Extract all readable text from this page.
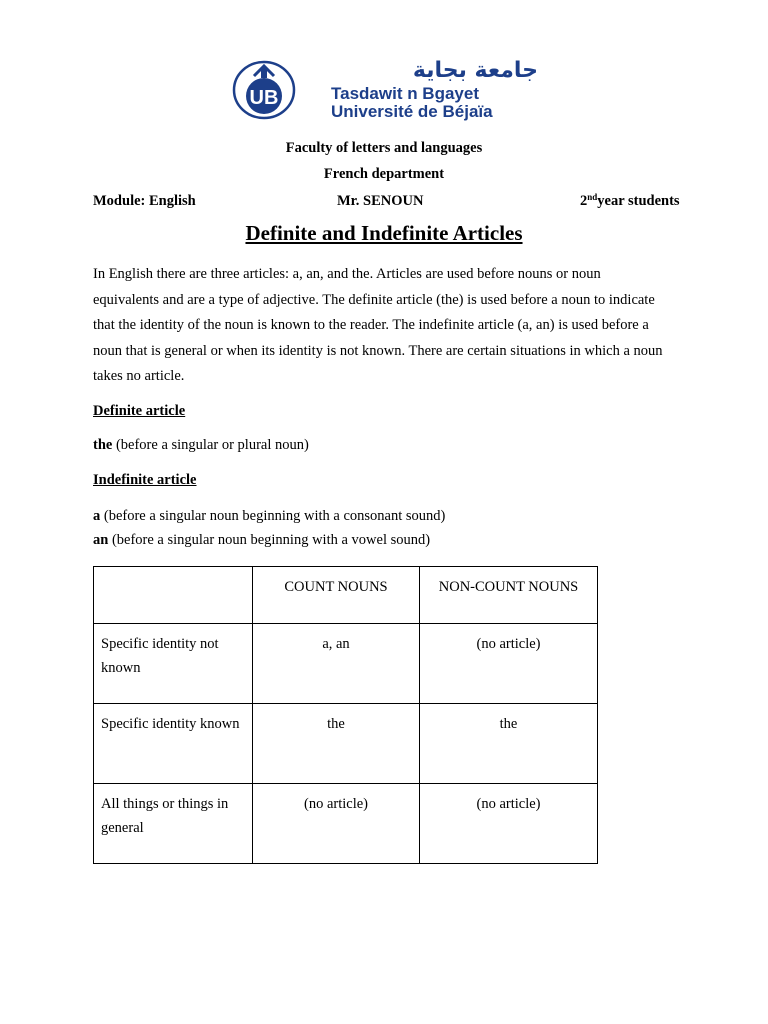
UB
جامعة بجاية
Tasdawit n Bgayet
Université de Béjaïa
Faculty of letters and languages
French department
Module: English	Mr. SENOUN	2ndyear students
Definite and Indefinite Articles

In English there are three articles: a, an, and the. Articles are used before nouns or noun equivalents and are a type of adjective. The definite article (the) is used before a noun to indicate that the identity of the noun is known to the reader. The indefinite article (a, an) is used before a noun that is general or when its identity is not known. There are certain situations in which a noun takes no article.

Definite article
the (before a singular or plural noun)
Indefinite article
a (before a singular noun beginning with a consonant sound)
an (before a singular noun beginning with a vowel sound)
	COUNT NOUNS	NON-COUNT NOUNS
Specific identity not known	a, an	(no article)
Specific identity known	the	the
All things or things in general	(no article)	(no article)
